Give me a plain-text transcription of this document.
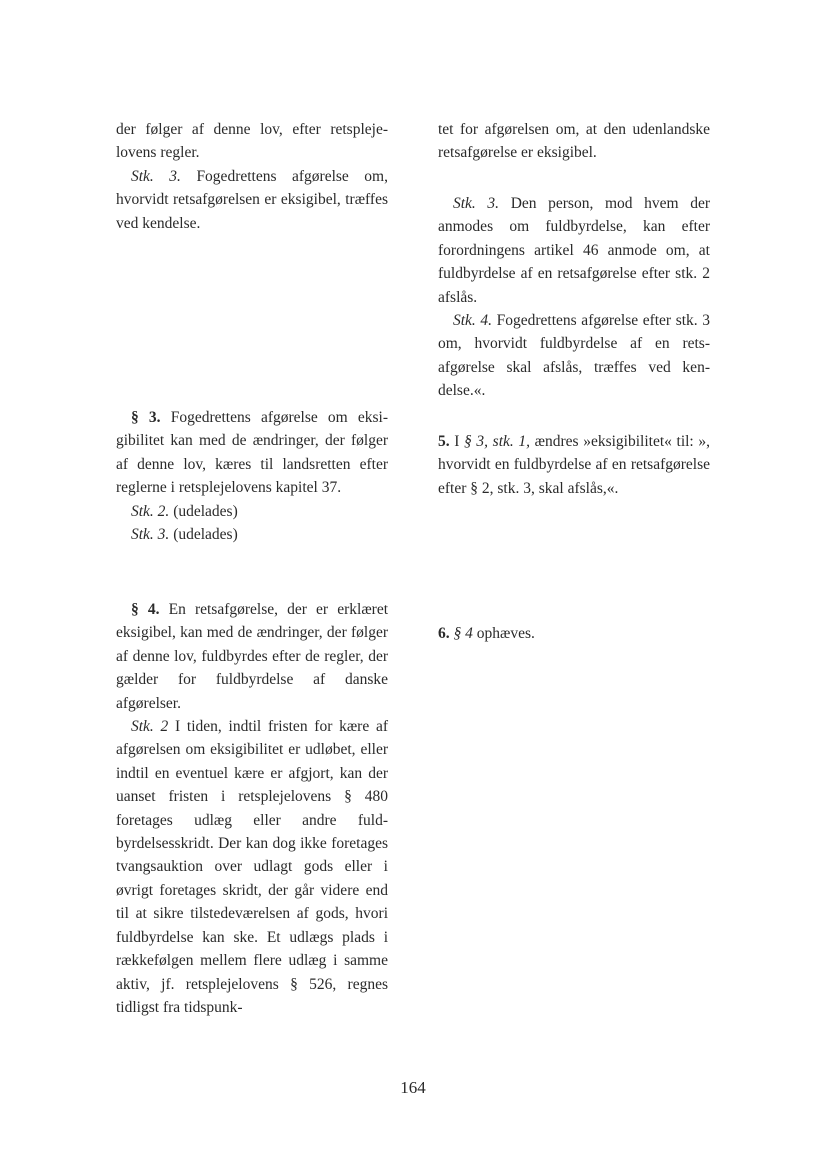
der følger af denne lov, efter retsplejelovens regler.

Stk. 3. Fogedrettens afgørelse om, hvorvidt retsafgørelsen er eksigibel, træffes ved kendelse.

§ 3. Fogedrettens afgørelse om eksigibilitet kan med de ændringer, der følger af denne lov, kæres til landsretten efter reglerne i retsplejelovens kapitel 37.

Stk. 2. (udelades)

Stk. 3. (udelades)

§ 4. En retsafgørelse, der er erklæret eksigibel, kan med de ændringer, der følger af denne lov, fuldbyrdes efter de regler, der gælder for fuldbyrdelse af danske afgørelser.

Stk. 2 I tiden, indtil fristen for kære af afgørelsen om eksigibilitet er udløbet, eller indtil en eventuel kære er afgjort, kan der uanset fristen i retsplejelovens § 480 foretages udlæg eller andre fuldbyrdelsesskridt. Der kan dog ikke foretages tvangsauktion over udlagt gods eller i øvrigt foretages skridt, der går videre end til at sikre tilstedeværelsen af gods, hvori fuldbyrdelse kan ske. Et udlægs plads i rækkefølgen mellem flere udlæg i samme aktiv, jf. retsplejelovens § 526, regnes tidligst fra tidspunk-

tet for afgørelsen om, at den udenlandske retsafgørelse er eksigibel.

Stk. 3. Den person, mod hvem der anmodes om fuldbyrdelse, kan efter forordningens artikel 46 anmode om, at fuldbyrdelse af en retsafgørelse efter stk. 2 afslås.

Stk. 4. Fogedrettens afgørelse efter stk. 3 om, hvorvidt fuldbyrdelse af en retsafgørelse skal afslås, træffes ved kendelse.«.

5. I § 3, stk. 1, ændres »eksigibilitet« til: », hvorvidt en fuldbyrdelse af en retsafgørelse efter § 2, stk. 3, skal afslås,«.

6. § 4 ophæves.

164
